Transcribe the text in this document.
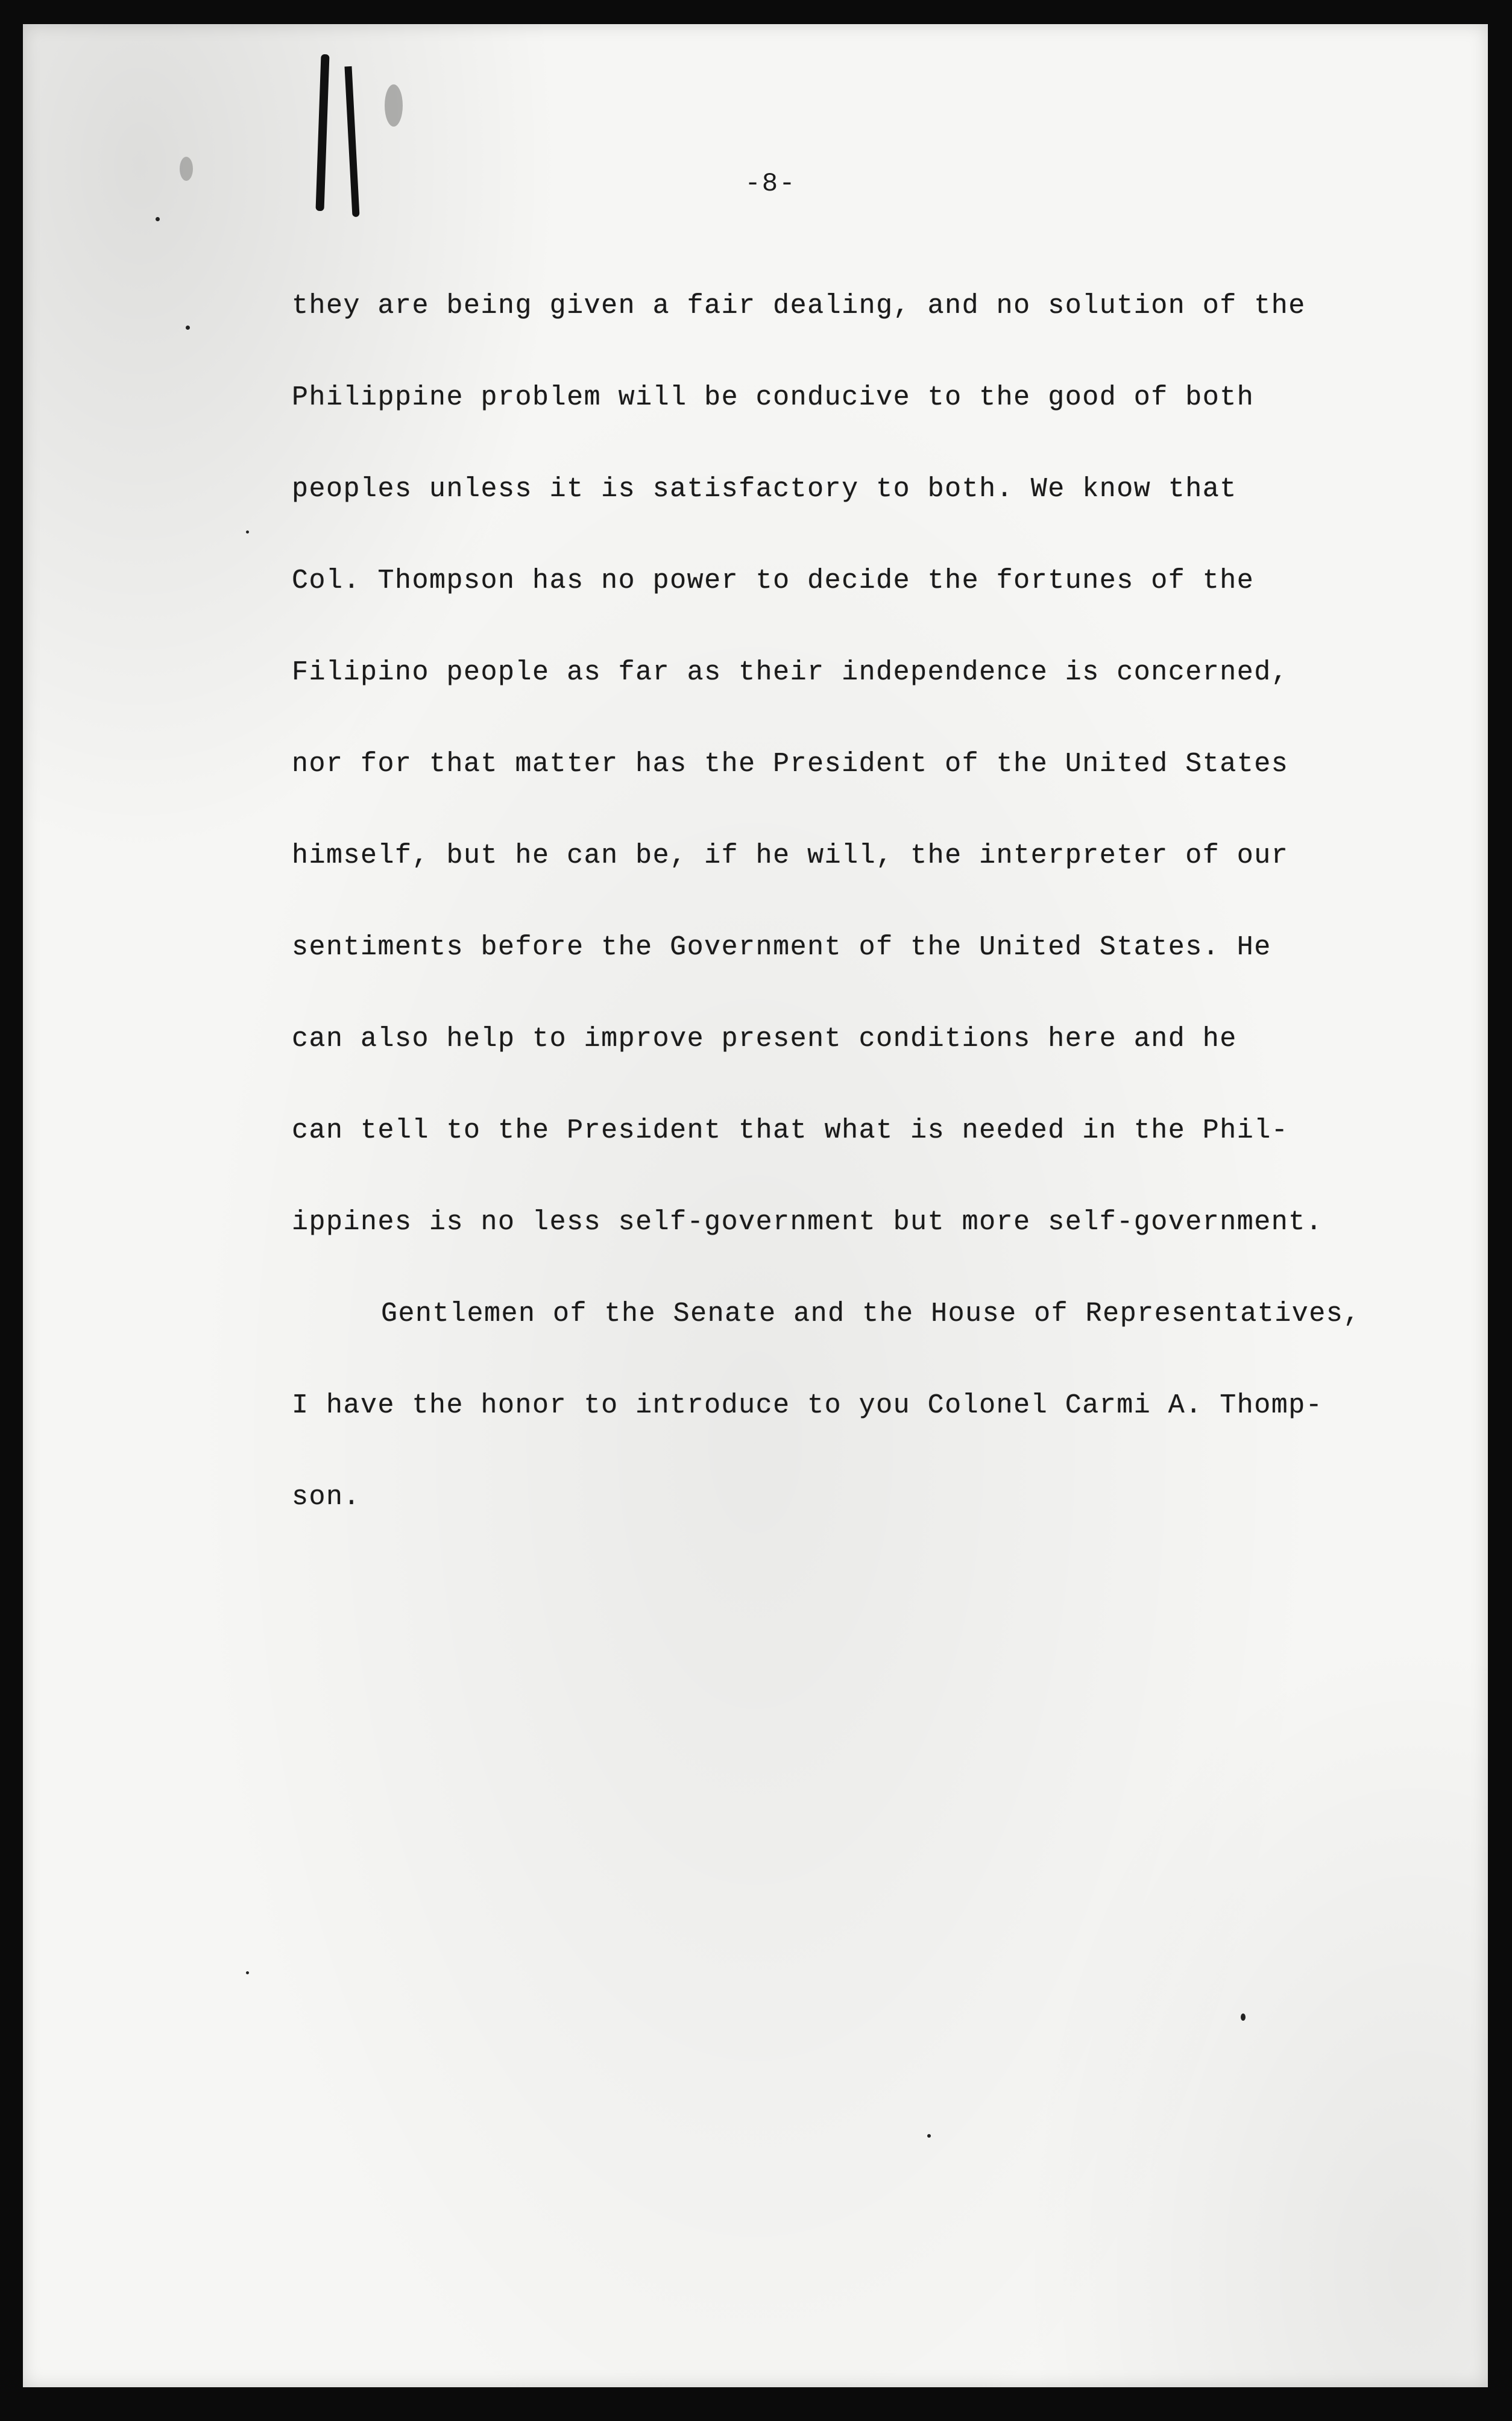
-8-
they are being given a fair dealing, and no solution of the
Philippine problem will be conducive to the good of both
peoples unless it is satisfactory to both. We know that
Col. Thompson has no power to decide the fortunes of the
Filipino people as far as their independence is concerned,
nor for that matter has the President of the United States
himself, but he can be, if he will, the interpreter of our
sentiments before the Government of the United States. He
can also help to improve present conditions here and he
can tell to the President that what is needed in the Phil-
ippines is no less self-government but more self-government.
Gentlemen of the Senate and the House of Representatives,
I have the honor to introduce to you Colonel Carmi A. Thomp-
son.
